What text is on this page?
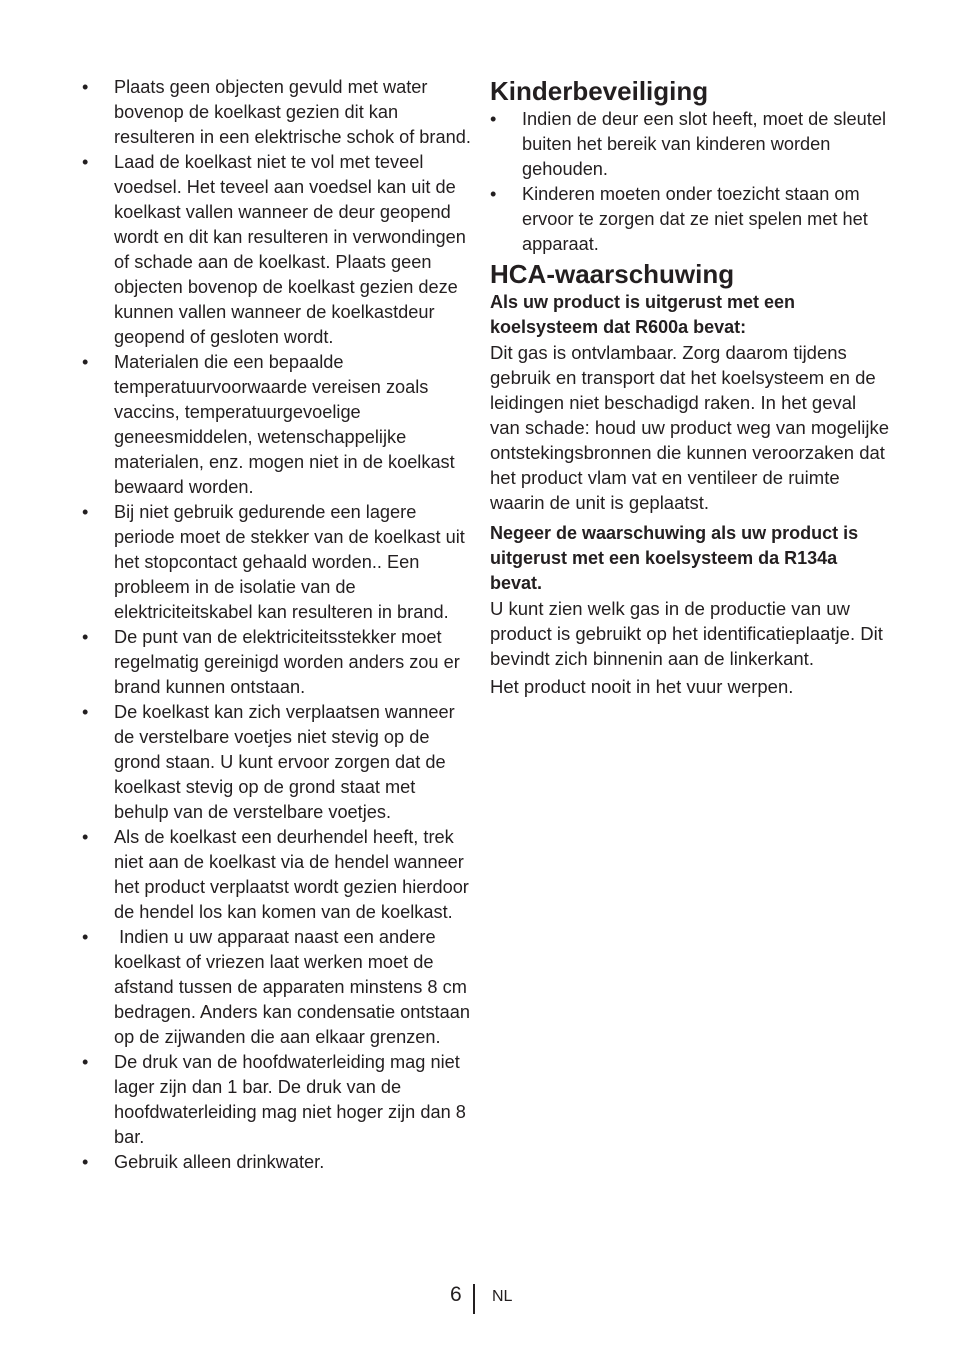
• Plaats geen objecten gevuld met water bovenop de koelkast gezien dit kan resulteren in een elektrische schok of brand.
• Laad de koelkast niet te vol met teveel voedsel. Het teveel aan voedsel kan uit de koelkast vallen wanneer de deur geopend wordt en dit kan resulteren in verwondingen of schade aan de koelkast. Plaats geen objecten bovenop de koelkast gezien deze kunnen vallen wanneer de koelkastdeur geopend of gesloten wordt.
• Materialen die een bepaalde temperatuurvoorwaarde vereisen zoals vaccins, temperatuurgevoelige geneesmiddelen, wetenschappelijke materialen, enz. mogen niet in de koelkast bewaard worden.
• Bij niet gebruik gedurende een lagere periode moet de stekker van de koelkast uit het stopcontact gehaald worden.. Een probleem in de isolatie van de elektriciteitskabel kan resulteren in brand.
• De punt van de elektriciteitsstekker moet regelmatig gereinigd worden anders zou er brand kunnen ontstaan.
• De koelkast kan zich verplaatsen wanneer de verstelbare voetjes niet stevig op de grond staan. U kunt ervoor zorgen dat de koelkast stevig op de grond staat met behulp van de verstelbare voetjes.
• Als de koelkast een deurhendel heeft, trek niet aan de koelkast via de hendel wanneer het product verplaatst wordt gezien hierdoor de hendel los kan komen van de koelkast.
• Indien u uw apparaat naast een andere koelkast of vriezen laat werken moet de afstand tussen de apparaten minstens 8 cm bedragen. Anders kan condensatie ontstaan op de zijwanden die aan elkaar grenzen.
• De druk van de hoofdwaterleiding mag niet lager zijn dan 1 bar. De druk van de hoofdwaterleiding mag niet hoger zijn dan 8 bar.
• Gebruik alleen drinkwater.
Kinderbeveiliging
• Indien de deur een slot heeft, moet de sleutel buiten het bereik van kinderen worden gehouden.
• Kinderen moeten onder toezicht staan om ervoor te zorgen dat ze niet spelen met het apparaat.
HCA-waarschuwing

Als uw product is uitgerust met een koelsysteem dat R600a bevat:

Dit gas is ontvlambaar. Zorg daarom tijdens gebruik en transport dat het koelsysteem en de leidingen niet beschadigd raken. In het geval van schade: houd uw product weg van mogelijke ontstekingsbronnen die kunnen veroorzaken dat het product vlam vat en ventileer de ruimte waarin de unit is geplaatst.

Negeer de waarschuwing als uw product is uitgerust met een koelsysteem da R134a bevat.

U kunt zien welk gas in de productie van uw product is gebruikt op het identificatieplaatje. Dit bevindt zich binnenin aan de linkerkant.

Het product nooit in het vuur werpen.

6 NL
